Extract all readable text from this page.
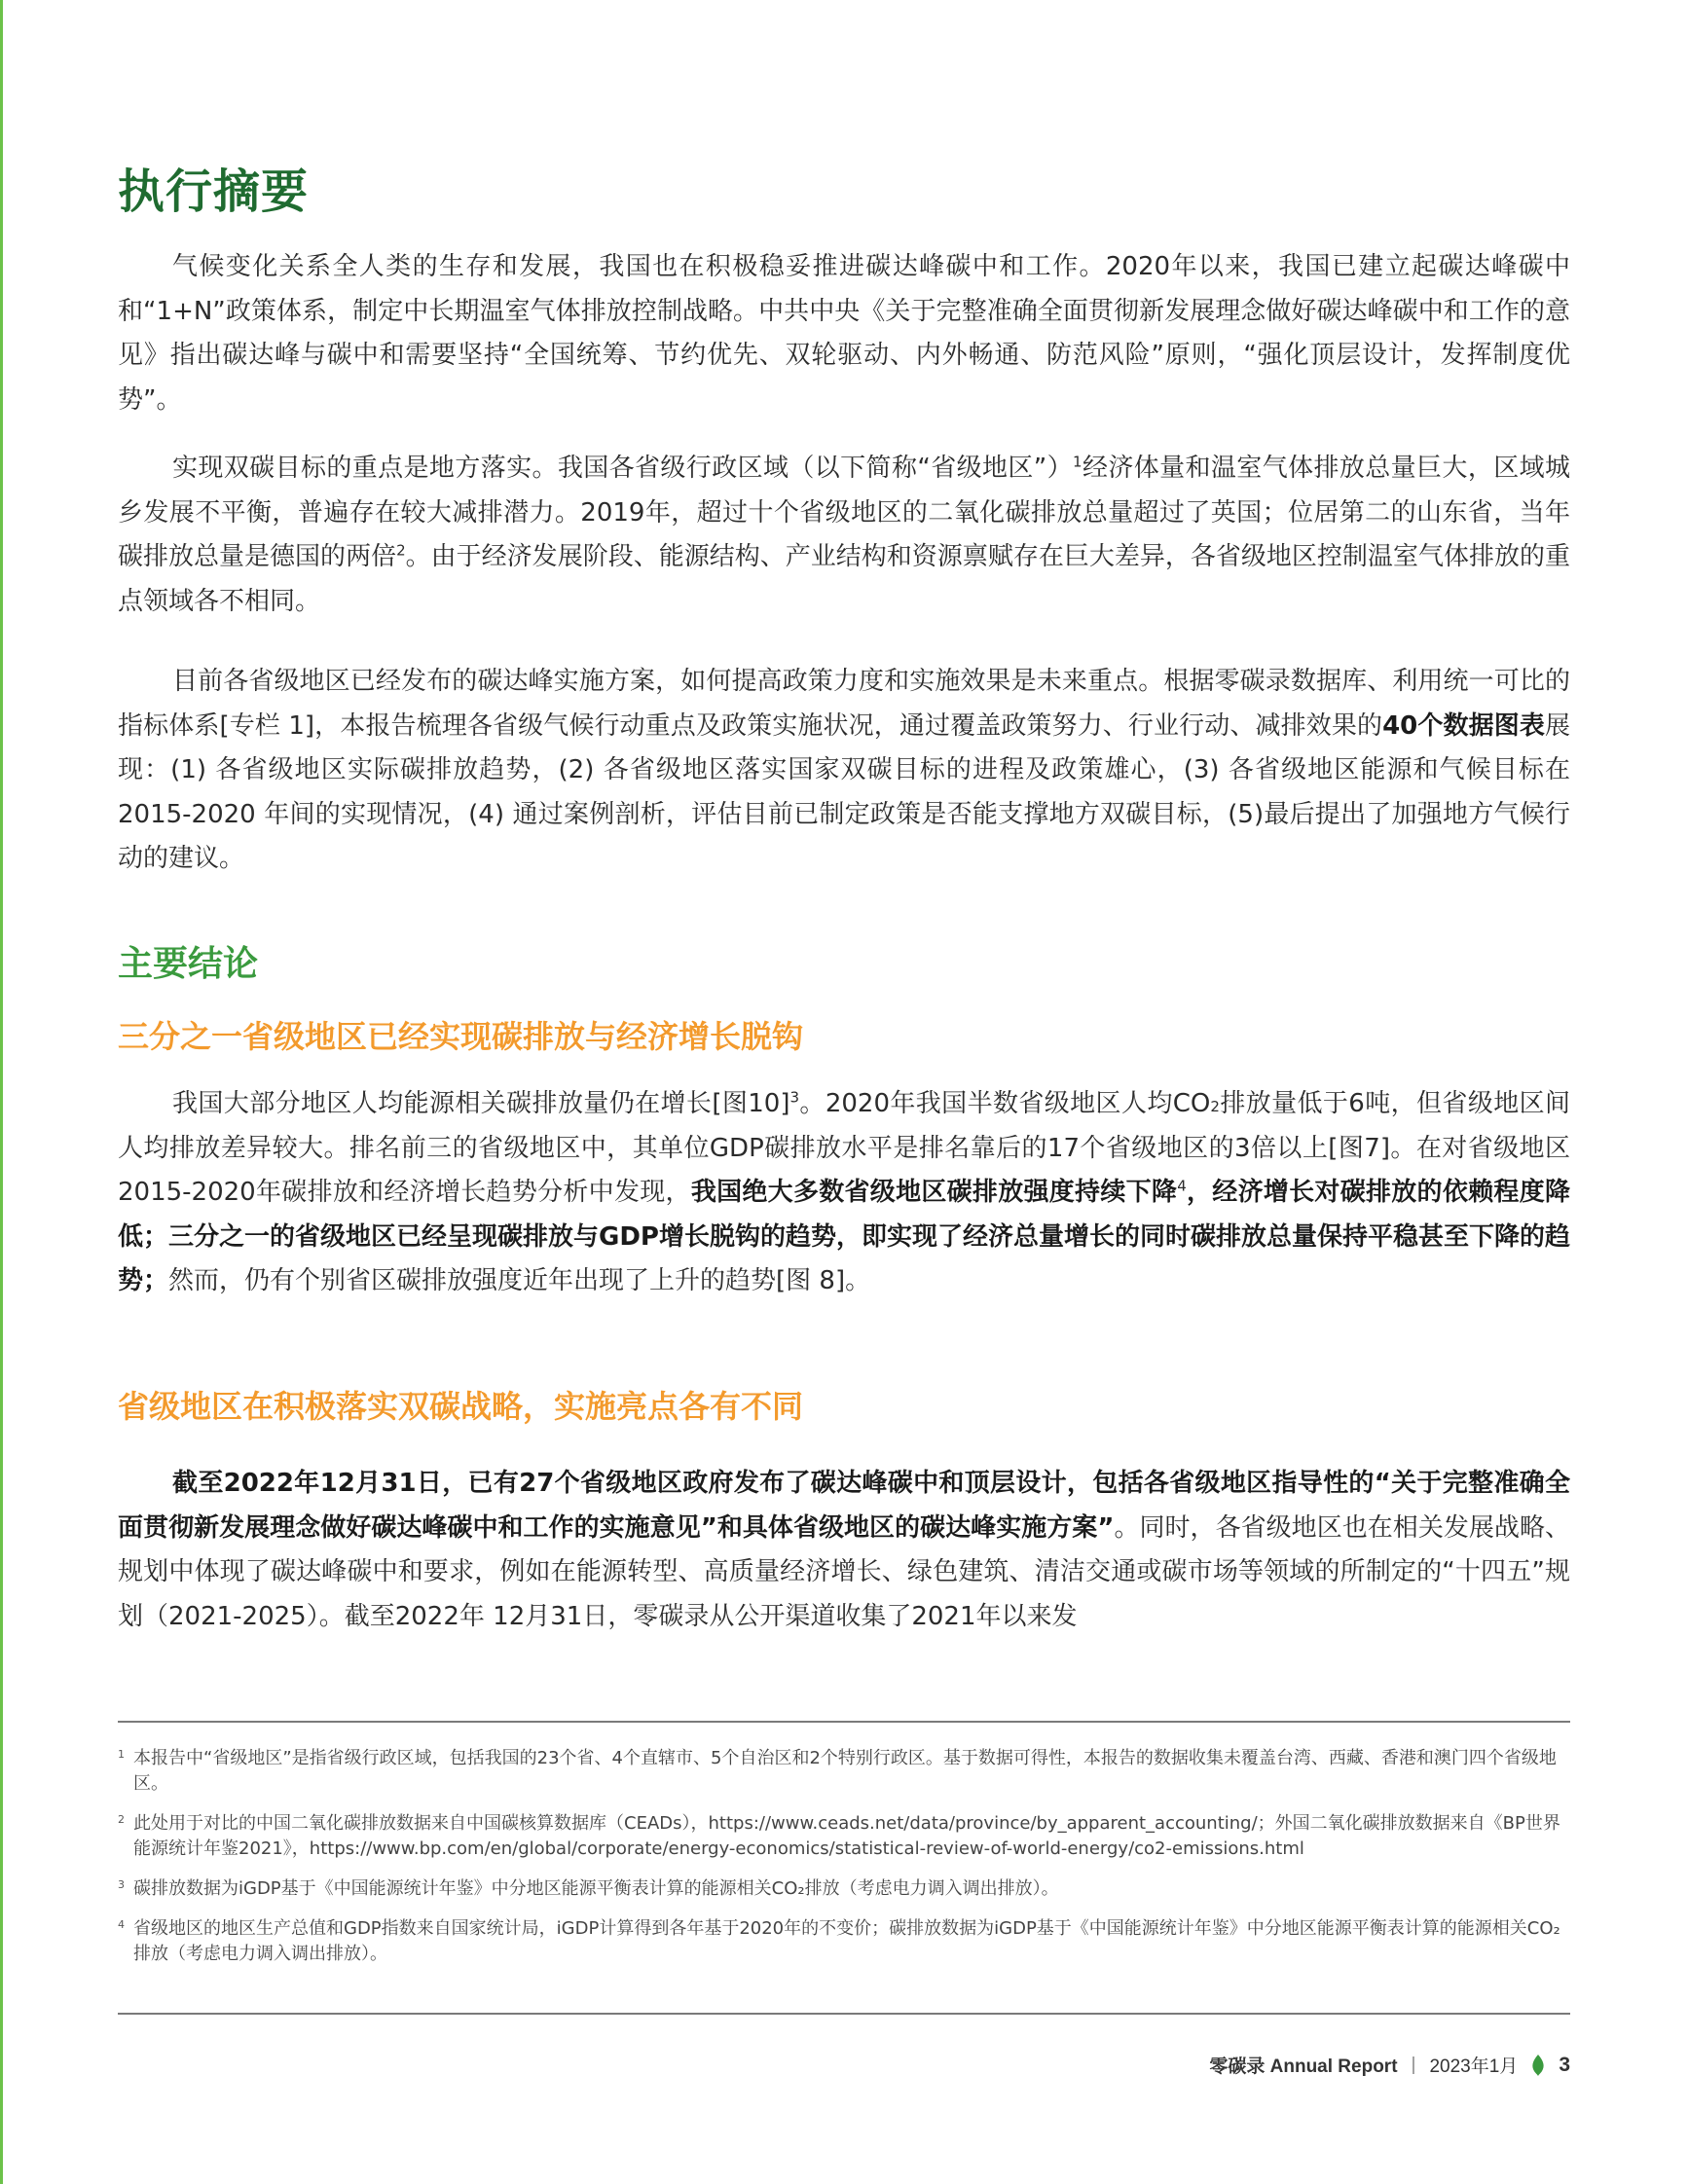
执行摘要

气候变化关系全人类的生存和发展，我国也在积极稳妥推进碳达峰碳中和工作。2020年以来，我国已建立起碳达峰碳中和“1+N”政策体系，制定中长期温室气体排放控制战略。中共中央《关于完整准确全面贯彻新发展理念做好碳达峰碳中和工作的意见》指出碳达峰与碳中和需要坚持“全国统筹、节约优先、双轮驱动、内外畅通、防范风险”原则，“强化顶层设计，发挥制度优势”。

实现双碳目标的重点是地方落实。我国各省级行政区域（以下简称“省级地区”）$^1$经济体量和温室气体排放总量巨大，区域城乡发展不平衡，普遍存在较大减排潜力。2019年，超过十个省级地区的二氧化碳排放总量超过了英国；位居第二的山东省，当年碳排放总量是德国的两倍$^2$。由于经济发展阶段、能源结构、产业结构和资源禀赋存在巨大差异，各省级地区控制温室气体排放的重点领域各不相同。

目前各省级地区已经发布的碳达峰实施方案，如何提高政策力度和实施效果是未来重点。根据零碳录数据库、利用统一可比的指标体系[专栏 1]，本报告梳理各省级气候行动重点及政策实施状况，通过覆盖政策努力、行业行动、减排效果的40个数据图表展现：(1) 各省级地区实际碳排放趋势，(2) 各省级地区落实国家双碳目标的进程及政策雄心，(3) 各省级地区能源和气候目标在 2015-2020 年间的实现情况，(4) 通过案例剖析，评估目前已制定政策是否能支撑地方双碳目标，(5)最后提出了加强地方气候行动的建议。

主要结论
三分之一省级地区已经实现碳排放与经济增长脱钩

我国大部分地区人均能源相关碳排放量仍在增长[图10]$^3$。2020年我国半数省级地区人均CO2排放量低于6吨，但省级地区间人均排放差异较大。排名前三的省级地区中，其单位GDP碳排放水平是排名靠后的17个省级地区的3倍以上[图7]。在对省级地区2015-2020年碳排放和经济增长趋势分析中发现，我国绝大多数省级地区碳排放强度持续下降$^4$，经济增长对碳排放的依赖程度降低；三分之一的省级地区已经呈现碳排放与GDP增长脱钩的趋势，即实现了经济总量增长的同时碳排放总量保持平稳甚至下降的趋势；然而，仍有个别省区碳排放强度近年出现了上升的趋势[图 8]。

省级地区在积极落实双碳战略，实施亮点各有不同

截至2022年12月31日，已有27个省级地区政府发布了碳达峰碳中和顶层设计，包括各省级地区指导性的“关于完整准确全面贯彻新发展理念做好碳达峰碳中和工作的实施意见”和具体省级地区的碳达峰实施方案”。同时，各省级地区也在相关发展战略、规划中体现了碳达峰碳中和要求，例如在能源转型、高质量经济增长、绿色建筑、清洁交通或碳市场等领域的所制定的“十四五”规划（2021-2025）。截至2022年 12月31日，零碳录从公开渠道收集了2021年以来发

1 本报告中“省级地区”是指省级行政区域，包括我国的23个省、4个直辖市、5个自治区和2个特别行政区。基于数据可得性，本报告的数据收集未覆盖台湾、西藏、香港和澳门四个省级地区。
2 此处用于对比的中国二氧化碳排放数据来自中国碳核算数据库（CEADs），https://www.ceads.net/data/province/by_apparent_accounting/；外国二氧化碳排放数据来自《BP世界能源统计年鉴2021》，https://www.bp.com/en/global/corporate/energy-economics/statistical-review-of-world-energy/co2-emissions.html
3 碳排放数据为iGDP基于《中国能源统计年鉴》中分地区能源平衡表计算的能源相关CO₂排放（考虑电力调入调出排放）。
4 省级地区的地区生产总值和GDP指数来自国家统计局，iGDP计算得到各年基于2020年的不变价；碳排放数据为iGDP基于《中国能源统计年鉴》中分地区能源平衡表计算的能源相关CO₂排放（考虑电力调入调出排放）。
零碳录 Annual Report | 2023年1月 3
